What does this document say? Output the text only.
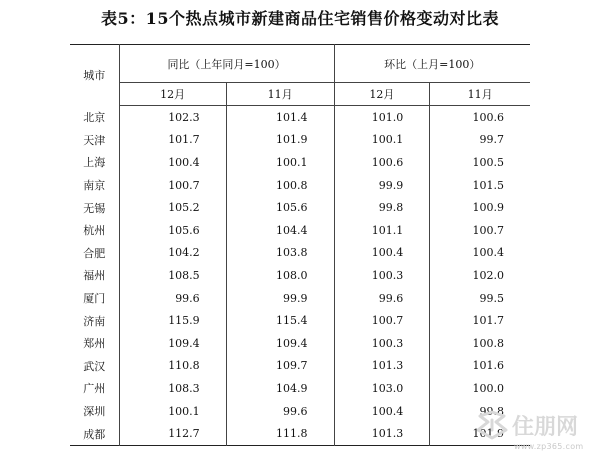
表5：15个热点城市新建商品住宅销售价格变动对比表
城市	同比（上年同月=100）		环比（上月=100）	
	12月	11月	12月	11月
北京	102.3	101.4	101.0	100.6
天津	101.7	101.9	100.1	99.7
上海	100.4	100.1	100.6	100.5
南京	100.7	100.8	99.9	101.5
无锡	105.2	105.6	99.8	100.9
杭州	105.6	104.4	101.1	100.7
合肥	104.2	103.8	100.4	100.4
福州	108.5	108.0	100.3	102.0
厦门	99.6	99.9	99.6	99.5
济南	115.9	115.4	100.7	101.7
郑州	109.4	109.4	100.3	100.8
武汉	110.8	109.7	101.3	101.6
广州	108.3	104.9	103.0	100.0
深圳	100.1	99.6	100.4	99.8
成都	112.7	111.8	101.3	101.9 住朋网
www.zp365.com
